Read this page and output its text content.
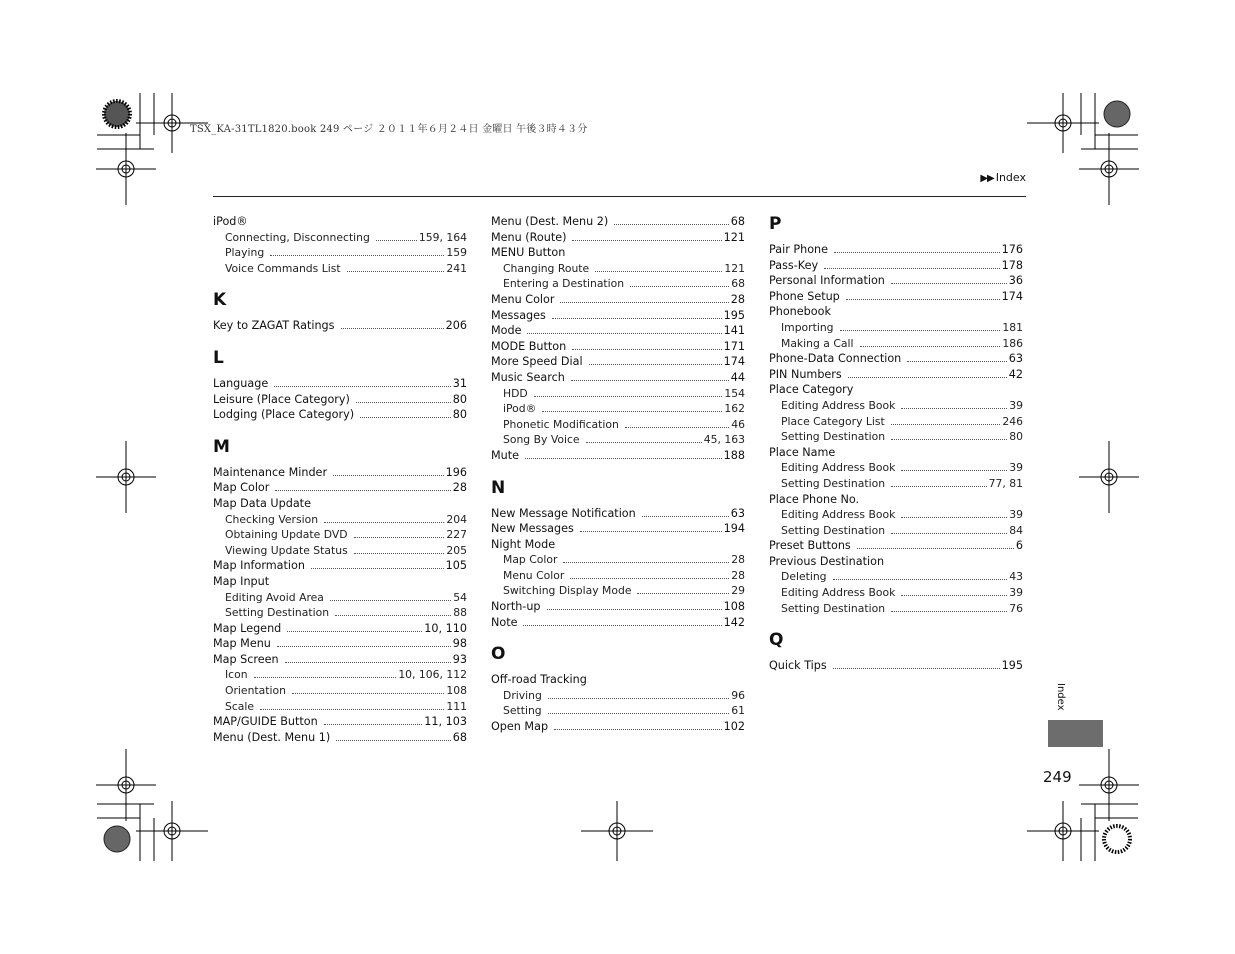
TSX_KA-31TL1820.book 249 ページ ２０１１年６月２４日 金曜日 午後３時４３分
▶▶ Index
iPod®
Connecting, Disconnecting	159, 164
Playing	159
Voice Commands List	241
K
Key to ZAGAT Ratings	206
L
Language	31
Leisure (Place Category)	80
Lodging (Place Category)	80
M
Maintenance Minder	196
Map Color	28
Map Data Update
Checking Version	204
Obtaining Update DVD	227
Viewing Update Status	205
Map Information	105
Map Input
Editing Avoid Area	54
Setting Destination	88
Map Legend	10, 110
Map Menu	98
Map Screen	93
Icon	10, 106, 112
Orientation	108
Scale	111
MAP/GUIDE Button	11, 103
Menu (Dest. Menu 1)	68
Menu (Dest. Menu 2)	68
Menu (Route)	121
MENU Button
Changing Route	121
Entering a Destination	68
Menu Color	28
Messages	195
Mode	141
MODE Button	171
More Speed Dial	174
Music Search	44
HDD	154
iPod®	162
Phonetic Modification	46
Song By Voice	45, 163
Mute	188
N
New Message Notification	63
New Messages	194
Night Mode
Map Color	28
Menu Color	28
Switching Display Mode	29
North-up	108
Note	142
O
Off-road Tracking
Driving	96
Setting	61
Open Map	102
P
Pair Phone	176
Pass-Key	178
Personal Information	36
Phone Setup	174
Phonebook
Importing	181
Making a Call	186
Phone-Data Connection	63
PIN Numbers	42
Place Category
Editing Address Book	39
Place Category List	246
Setting Destination	80
Place Name
Editing Address Book	39
Setting Destination	77, 81
Place Phone No.
Editing Address Book	39
Setting Destination	84
Preset Buttons	6
Previous Destination
Deleting	43
Editing Address Book	39
Setting Destination	76
Q
Quick Tips	195
Index
249
